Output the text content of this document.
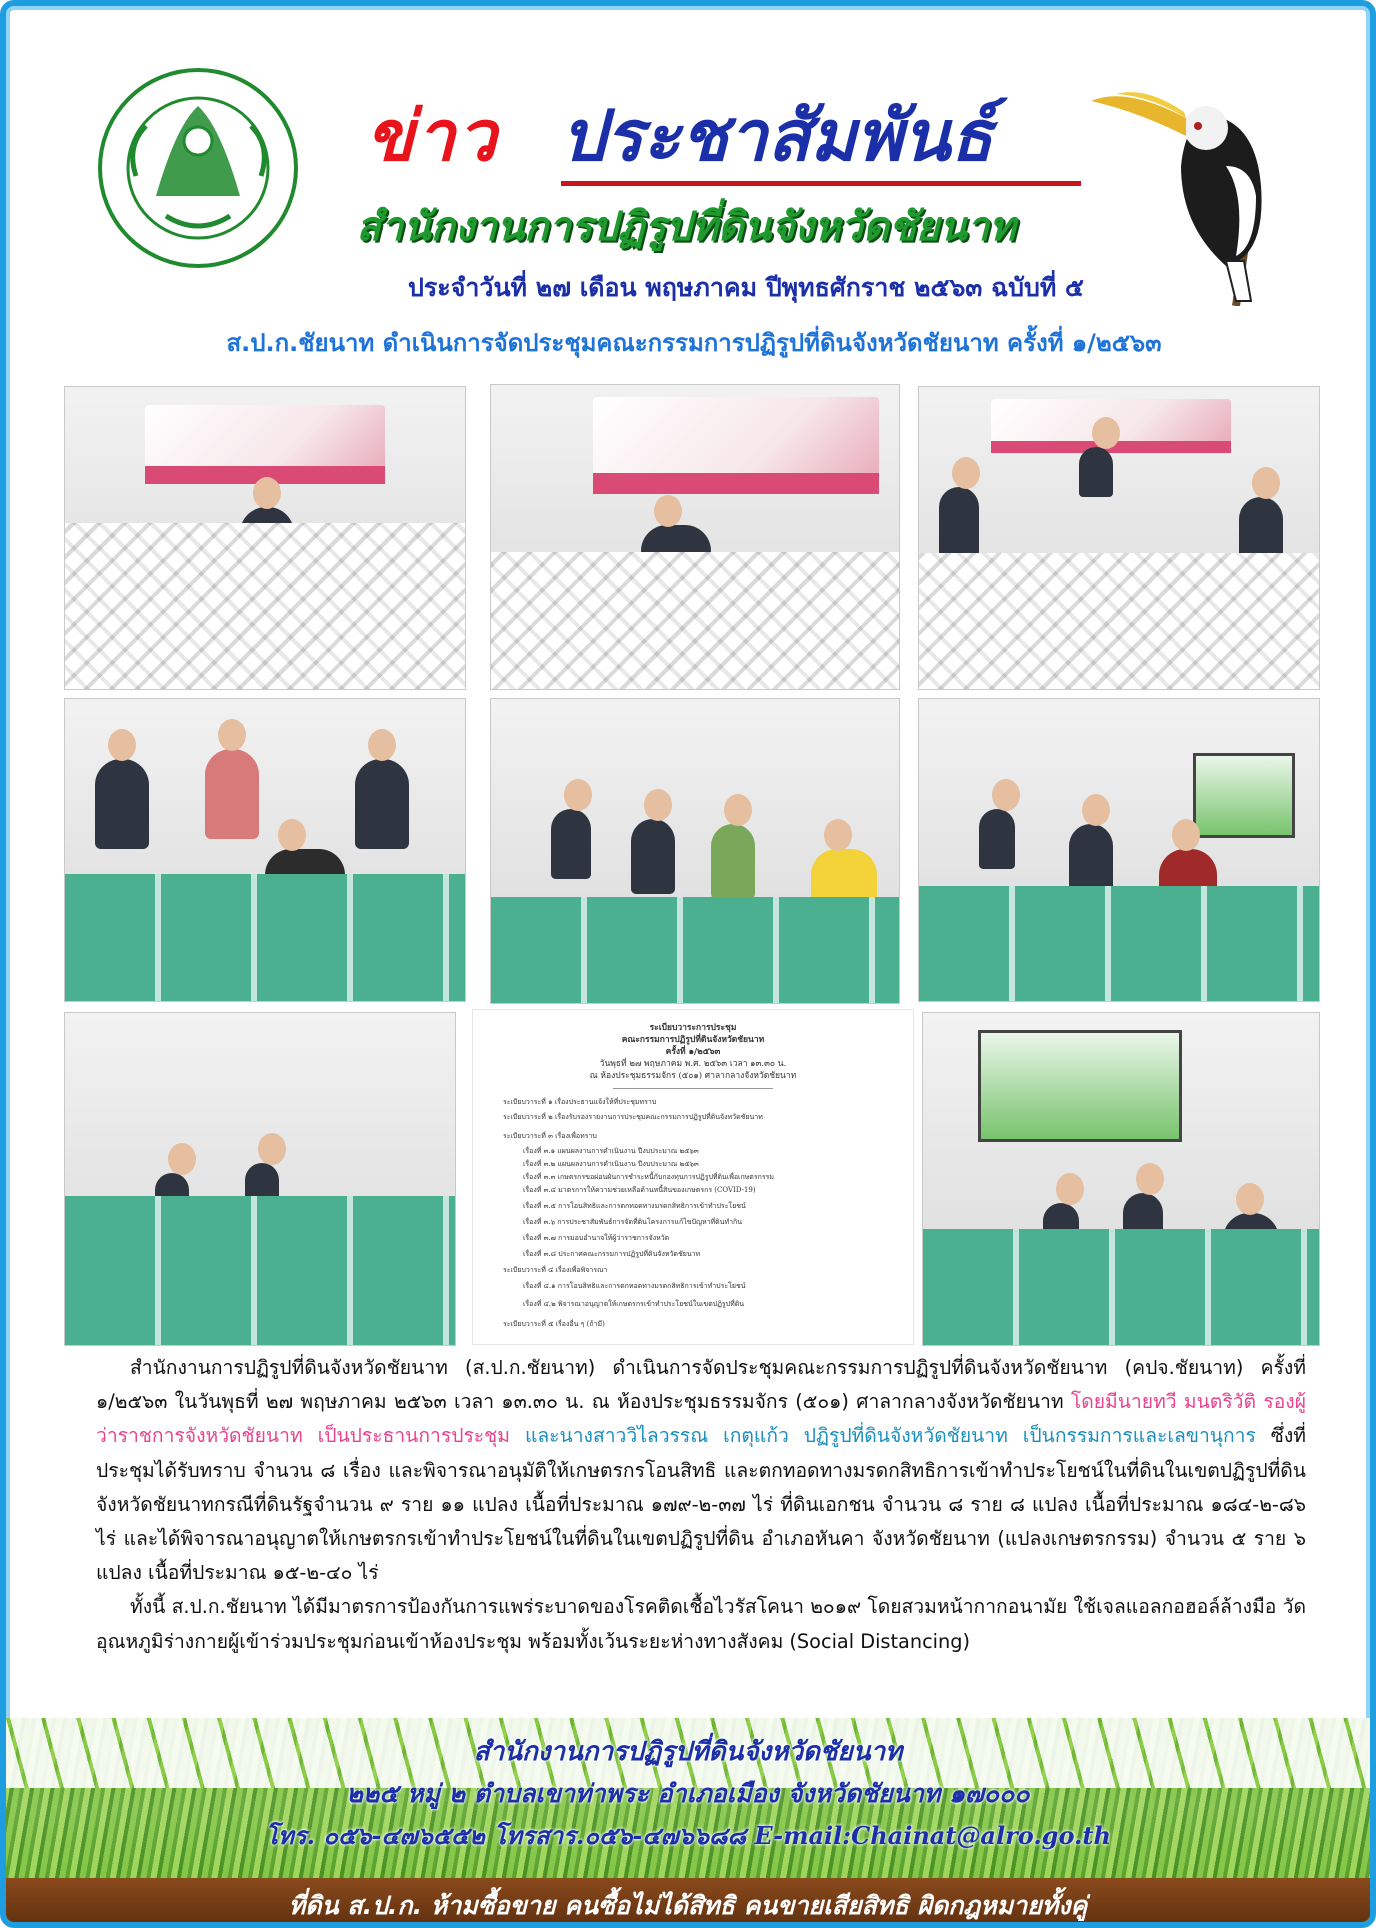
ข่าว ประชาสัมพันธ์
สำนักงานการปฏิรูปที่ดินจังหวัดชัยนาท
ประจำวันที่ ๒๗ เดือน พฤษภาคม ปีพุทธศักราช ๒๕๖๓ ฉบับที่ ๕
ส.ป.ก.ชัยนาท ดำเนินการจัดประชุมคณะกรรมการปฏิรูปที่ดินจังหวัดชัยนาท ครั้งที่ ๑/๒๕๖๓
ระเบียบวาระการประชุม
คณะกรรมการปฏิรูปที่ดินจังหวัดชัยนาท
ครั้งที่ ๑/๒๕๖๓
วันพุธที่ ๒๗ พฤษภาคม พ.ศ. ๒๕๖๓ เวลา ๑๓.๓๐ น.
ณ ห้องประชุมธรรมจักร (๕๐๑) ศาลากลางจังหวัดชัยนาท
ระเบียบวาระที่ ๑ เรื่องประธานแจ้งให้ที่ประชุมทราบ
ระเบียบวาระที่ ๒ เรื่องรับรองรายงานการประชุมคณะกรรมการปฏิรูปที่ดินจังหวัดชัยนาท
ระเบียบวาระที่ ๓ เรื่องเพื่อทราบ
เรื่องที่ ๓.๑ แผนผลงานการดำเนินงาน ปีงบประมาณ ๒๕๖๓
เรื่องที่ ๓.๒ แผนผลงานการดำเนินงาน ปีงบประมาณ ๒๕๖๓
เรื่องที่ ๓.๓ เกษตรกรขอผ่อนผันการชำระหนี้กับกองทุนการปฏิรูปที่ดินเพื่อเกษตรกรรม
เรื่องที่ ๓.๔ มาตรการให้ความช่วยเหลือด้านหนี้สินของเกษตรกร (COVID-19)
เรื่องที่ ๓.๕ การโอนสิทธิและการตกทอดทางมรดกสิทธิการเข้าทำประโยชน์
เรื่องที่ ๓.๖ การประชาสัมพันธ์การจัดที่ดินโครงการแก้ไขปัญหาที่ดินทำกิน
เรื่องที่ ๓.๗ การมอบอำนาจให้ผู้ว่าราชการจังหวัด
เรื่องที่ ๓.๘ ประกาศคณะกรรมการปฏิรูปที่ดินจังหวัดชัยนาท
ระเบียบวาระที่ ๔ เรื่องเพื่อพิจารณา
เรื่องที่ ๔.๑ การโอนสิทธิและการตกทอดทางมรดกสิทธิการเข้าทำประโยชน์
เรื่องที่ ๔.๒ พิจารณาอนุญาตให้เกษตรกรเข้าทำประโยชน์ในเขตปฏิรูปที่ดิน
ระเบียบวาระที่ ๕ เรื่องอื่น ๆ (ถ้ามี)

สำนักงานการปฏิรูปที่ดินจังหวัดชัยนาท (ส.ป.ก.ชัยนาท) ดำเนินการจัดประชุมคณะกรรมการปฏิรูปที่ดินจังหวัดชัยนาท (คปจ.ชัยนาท) ครั้งที่ ๑/๒๕๖๓ ในวันพุธที่ ๒๗ พฤษภาคม ๒๕๖๓ เวลา ๑๓.๓๐ น. ณ ห้องประชุมธรรมจักร (๕๐๑) ศาลากลางจังหวัดชัยนาท โดยมีนายทวี มนตริวัติ รองผู้ว่าราชการจังหวัดชัยนาท เป็นประธานการประชุม และนางสาววิไลวรรณ เกตุแก้ว ปฏิรูปที่ดินจังหวัดชัยนาท เป็นกรรมการและเลขานุการ ซึ่งที่ประชุมได้รับทราบ จำนวน ๘ เรื่อง และพิจารณาอนุมัติให้เกษตรกรโอนสิทธิ และตกทอดทางมรดกสิทธิการเข้าทำประโยชน์ในที่ดินในเขตปฏิรูปที่ดินจังหวัดชัยนาทกรณีที่ดินรัฐจำนวน ๙ ราย ๑๑ แปลง เนื้อที่ประมาณ ๑๗๙-๒-๓๗ ไร่ ที่ดินเอกชน จำนวน ๘ ราย ๘ แปลง เนื้อที่ประมาณ ๑๘๔-๒-๘๖ ไร่ และได้พิจารณาอนุญาตให้เกษตรกรเข้าทำประโยชน์ในที่ดินในเขตปฏิรูปที่ดิน อำเภอหันคา จังหวัดชัยนาท (แปลงเกษตรกรรม) จำนวน ๕ ราย ๖ แปลง เนื้อที่ประมาณ ๑๕-๒-๔๐ ไร่

ทั้งนี้ ส.ป.ก.ชัยนาท ได้มีมาตรการป้องกันการแพร่ระบาดของโรคติดเชื้อไวรัสโคนา ๒๐๑๙ โดยสวมหน้ากากอนามัย ใช้เจลแอลกอฮอล์ล้างมือ วัดอุณหภูมิร่างกายผู้เข้าร่วมประชุมก่อนเข้าห้องประชุม พร้อมทั้งเว้นระยะห่างทางสังคม (Social Distancing)

สำนักงานการปฏิรูปที่ดินจังหวัดชัยนาท
๒๒๕ หมู่ ๒ ตำบลเขาท่าพระ อำเภอเมือง จังหวัดชัยนาท ๑๗๐๐๐
โทร. ๐๕๖-๔๗๖๕๕๒ โทรสาร.๐๕๖-๔๗๖๖๘๘ E-mail:Chainat@alro.go.th
ที่ดิน ส.ป.ก. ห้ามซื้อขาย คนซื้อไม่ได้สิทธิ คนขายเสียสิทธิ ผิดกฎหมายทั้งคู่
